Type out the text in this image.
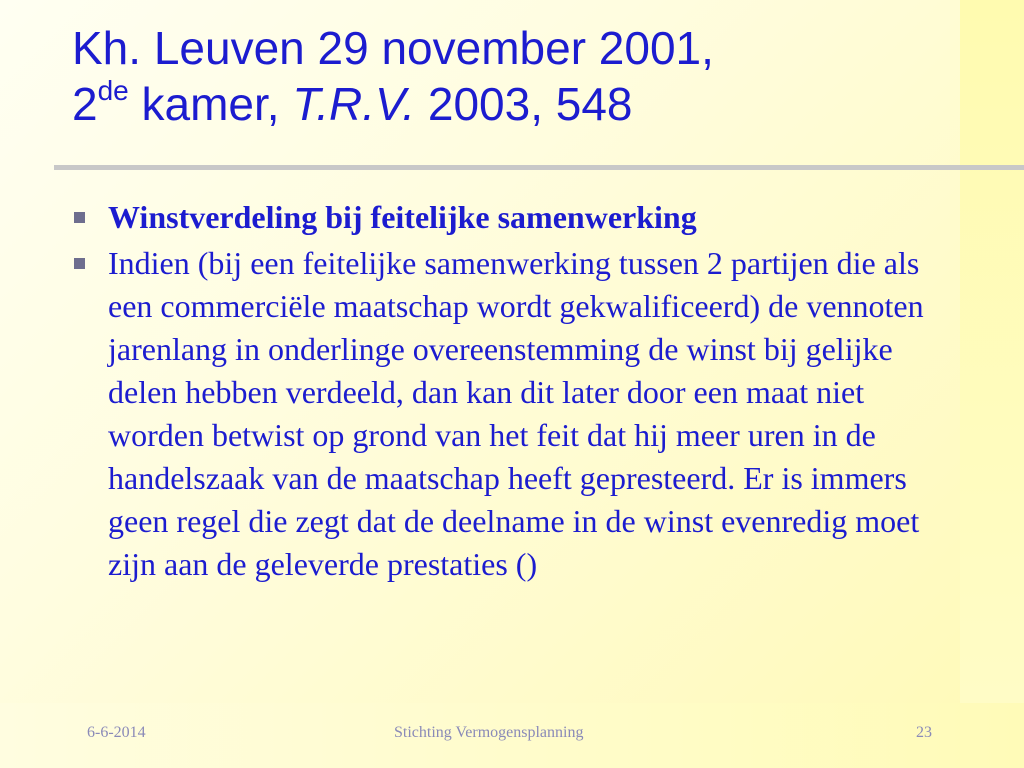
Kh. Leuven 29 november 2001,
2de kamer, T.R.V. 2003, 548
Winstverdeling bij feitelijke samenwerking
Indien (bij een feitelijke samenwerking tussen 2 partijen die als een commerciële maatschap wordt gekwalificeerd) de vennoten  jarenlang in onderlinge overeenstemming de winst bij gelijke delen hebben verdeeld, dan kan dit later door een maat niet worden betwist op grond van het feit dat hij meer uren in de handelszaak van de maatschap heeft gepresteerd. Er is immers geen regel die zegt dat de deelname in de winst evenredig moet zijn aan de geleverde prestaties ()
6-6-2014	Stichting Vermogensplanning	23
